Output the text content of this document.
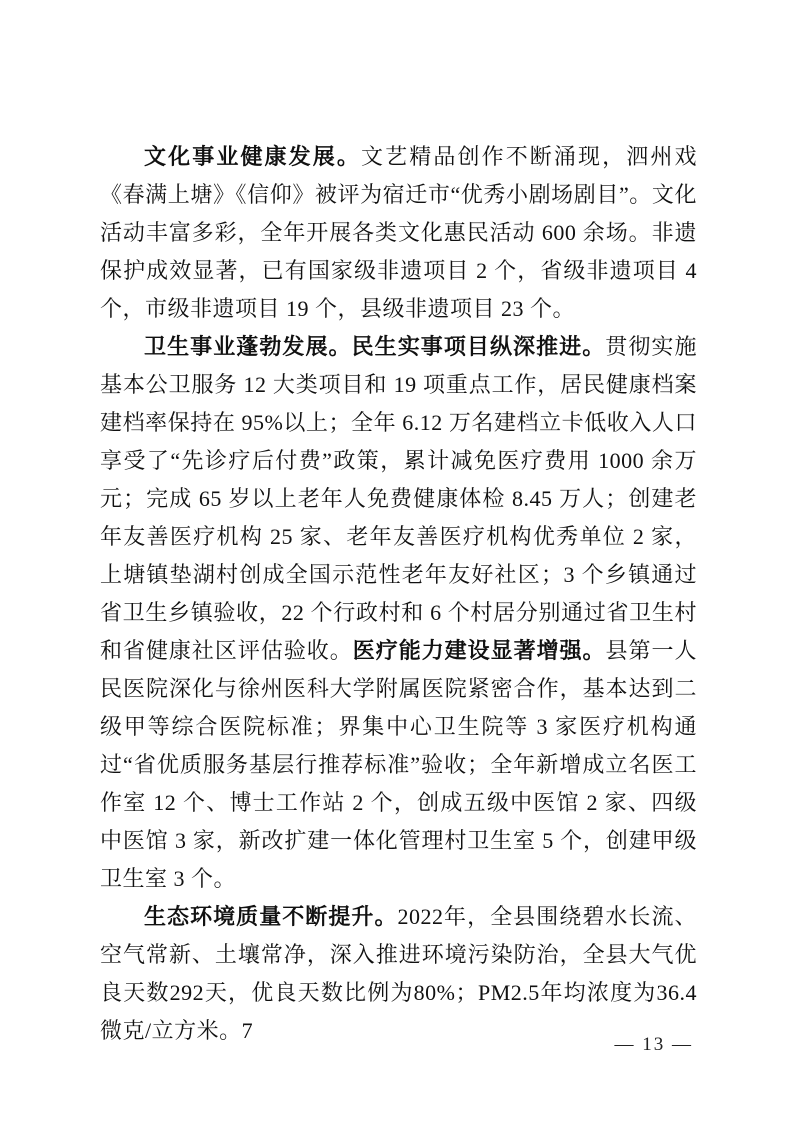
文化事业健康发展。文艺精品创作不断涌现，泗州戏《春满上塘》《信仰》被评为宿迁市“优秀小剧场剧目”。文化活动丰富多彩，全年开展各类文化惠民活动 600 余场。非遗保护成效显著，已有国家级非遗项目 2 个，省级非遗项目 4 个，市级非遗项目 19 个，县级非遗项目 23 个。

卫生事业蓬勃发展。民生实事项目纵深推进。贯彻实施基本公卫服务 12 大类项目和 19 项重点工作，居民健康档案建档率保持在 95%以上；全年 6.12 万名建档立卡低收入人口享受了“先诊疗后付费”政策，累计减免医疗费用 1000 余万元；完成 65 岁以上老年人免费健康体检 8.45 万人；创建老年友善医疗机构 25 家、老年友善医疗机构优秀单位 2 家，上塘镇垫湖村创成全国示范性老年友好社区；3 个乡镇通过省卫生乡镇验收，22 个行政村和 6 个村居分别通过省卫生村和省健康社区评估验收。医疗能力建设显著增强。县第一人民医院深化与徐州医科大学附属医院紧密合作，基本达到二级甲等综合医院标准；界集中心卫生院等 3 家医疗机构通过“省优质服务基层行推荐标准”验收；全年新增成立名医工作室 12 个、博士工作站 2 个，创成五级中医馆 2 家、四级中医馆 3 家，新改扩建一体化管理村卫生室 5 个，创建甲级卫生室 3 个。

生态环境质量不断提升。2022年，全县围绕碧水长流、空气常新、土壤常净，深入推进环境污染防治，全县大气优良天数292天，优良天数比例为80%；PM2.5年均浓度为36.4微克/立方米。7

— 13 —
